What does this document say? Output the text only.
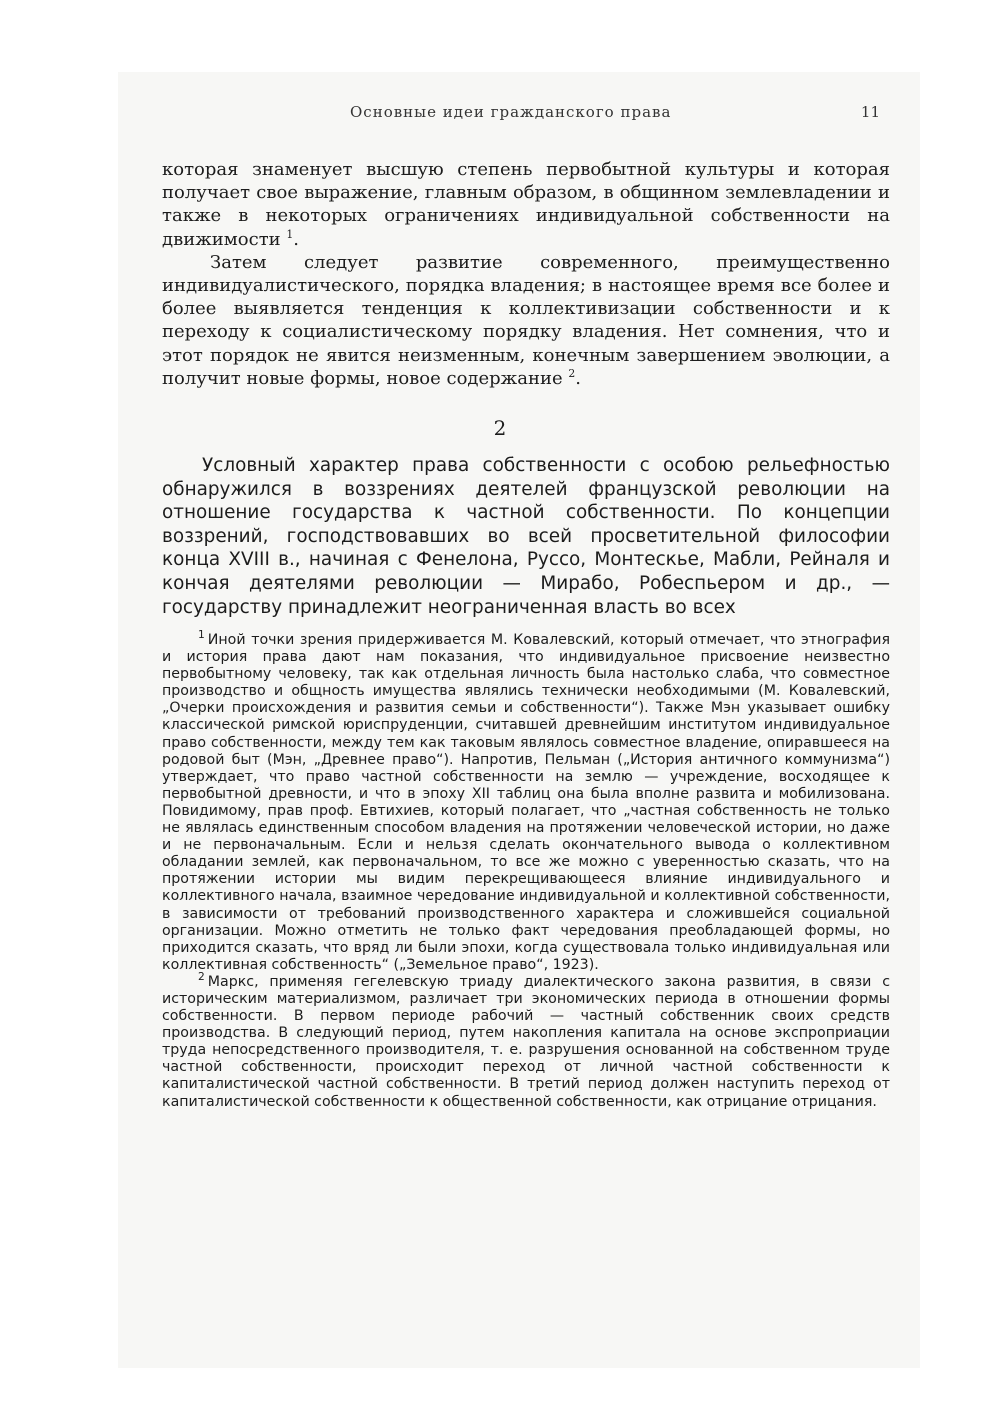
Основные идеи гражданского права	11

которая знаменует высшую степень первобытной культуры и которая получает свое выражение, главным образом, в общинном землевладении и также в некоторых ограничениях индивидуальной собственности на движимости $^1$.

Затем следует развитие современного, преимущественно индивидуалистического, порядка владения; в настоящее время все более и более выявляется тенденция к коллективизации собственности и к переходу к социалистическому порядку владения. Нет сомнения, что и этот порядок не явится неизменным, конечным завершением эволюции, а получит новые формы, новое содержание $^2$.

2

Условный характер права собственности с особою рельефностью обнаружился в воззрениях деятелей французской революции на отношение государства к частной собственности. По концепции воззрений, господствовавших во всей просветительной философии конца XVIII в., начиная с Фенелона, Руссо, Монтескье, Мабли, Рейналя и кончая деятелями революции — Мирабо, Робеспьером и др., — государству принадлежит неограниченная власть во всех

$^1$ Иной точки зрения придерживается М. Ковалевский, который отмечает, что этнография и история права дают нам показания, что индивидуальное присвоение неизвестно первобытному человеку, так как отдельная личность была настолько слаба, что совместное производство и общность имущества являлись технически необходимыми (М. Ковалевский, „Очерки происхождения и развития семьи и собственности“). Также Мэн указывает ошибку классической римской юриспруденции, считавшей древнейшим институтом индивидуальное право собственности, между тем как таковым являлось совместное владение, опиравшееся на родовой быт (Мэн, „Древнее право“). Напротив, Пельман („История античного коммунизма“) утверждает, что право частной собственности на землю — учреждение, восходящее к первобытной древности, и что в эпоху XII таблиц она была вполне развита и мобилизована. Повидимому, прав проф. Евтихиев, который полагает, что „частная собственность не только не являлась единственным способом владения на протяжении человеческой истории, но даже и не первоначальным. Если и нельзя сделать окончательного вывода о коллективном обладании землей, как первоначальном, то все же можно с уверенностью сказать, что на протяжении истории мы видим перекрещивающееся влияние индивидуального и коллективного начала, взаимное чередование индивидуальной и коллективной собственности, в зависимости от требований производственного характера и сложившейся социальной организации. Можно отметить не только факт чередования преобладающей формы, но приходится сказать, что вряд ли были эпохи, когда существовала только индивидуальная или коллективная собственность“ („Земельное право“, 1923).

$^2$ Маркс, применяя гегелевскую триаду диалектического закона развития, в связи с историческим материализмом, различает три экономических периода в отношении формы собственности. В первом периоде рабочий — частный собственник своих средств производства. В следующий период, путем накопления капитала на основе экспроприации труда непосредственного производителя, т. е. разрушения основанной на собственном труде частной собственности, происходит переход от личной частной собственности к капиталистической частной собственности. В третий период должен наступить переход от капиталистической собственности к общественной собственности, как отрицание отрицания.
